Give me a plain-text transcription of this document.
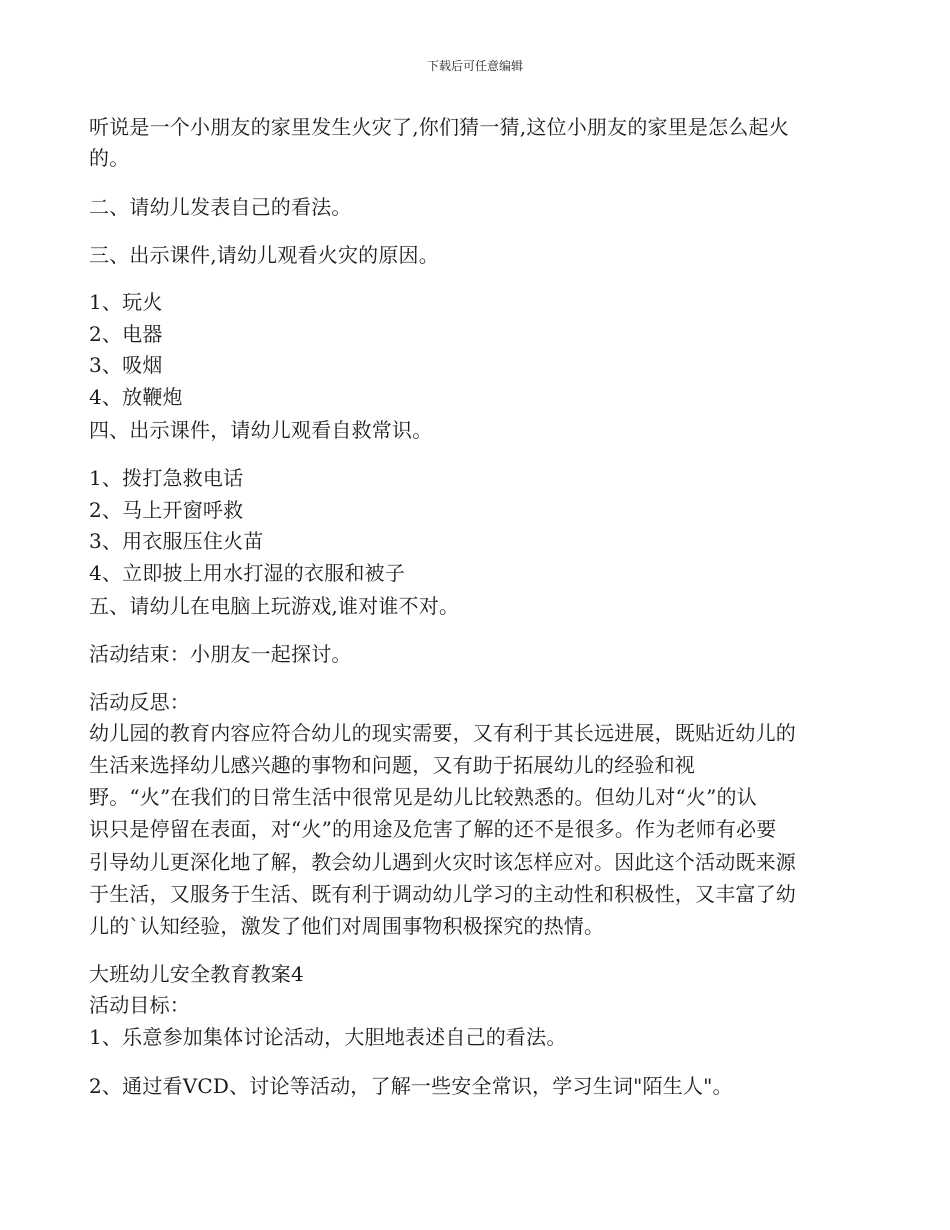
下载后可任意编辑
听说是一个小朋友的家里发生火灾了,你们猜一猜,这位小朋友的家里是怎么起火
的。
二、请幼儿发表自己的看法。
三、出示课件,请幼儿观看火灾的原因。
1、玩火
2、电器
3、吸烟
4、放鞭炮
四、出示课件，请幼儿观看自救常识。
1、拨打急救电话
2、马上开窗呼救
3、用衣服压住火苗
4、立即披上用水打湿的衣服和被子
五、请幼儿在电脑上玩游戏,谁对谁不对。
活动结束：小朋友一起探讨。
活动反思：
幼儿园的教育内容应符合幼儿的现实需要，又有利于其长远进展，既贴近幼儿的
生活来选择幼儿感兴趣的事物和问题，又有助于拓展幼儿的经验和视
野。“火”在我们的日常生活中很常见是幼儿比较熟悉的。但幼儿对“火”的认
识只是停留在表面，对“火”的用途及危害了解的还不是很多。作为老师有必要
引导幼儿更深化地了解，教会幼儿遇到火灾时该怎样应对。因此这个活动既来源
于生活，又服务于生活、既有利于调动幼儿学习的主动性和积极性，又丰富了幼
儿的`认知经验，激发了他们对周围事物积极探究的热情。
大班幼儿安全教育教案4
活动目标：
1、乐意参加集体讨论活动，大胆地表述自己的看法。
2、通过看VCD、讨论等活动，了解一些安全常识，学习生词"陌生人"。
